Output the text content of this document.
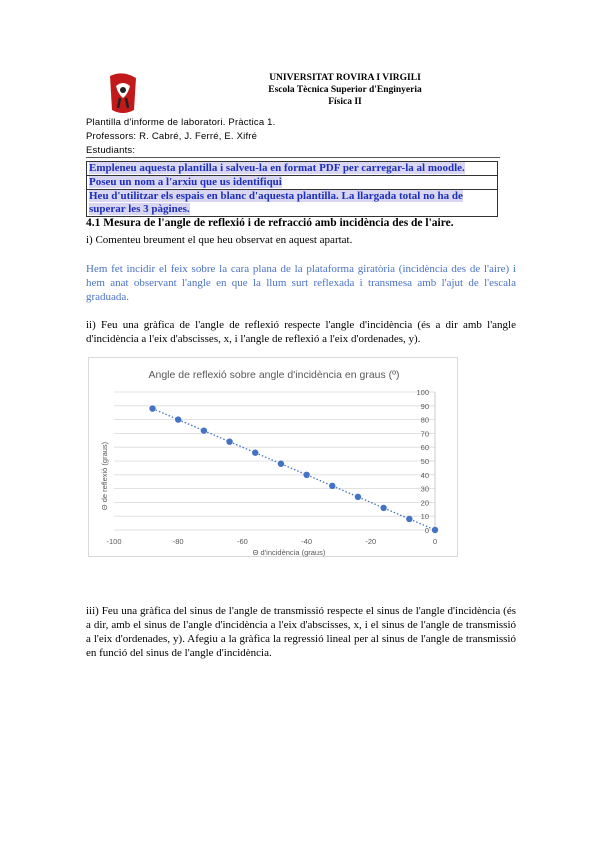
UNIVERSITAT ROVIRA I VIRGILI
Escola Tècnica Superior d'Enginyeria
Física II
Plantilla d'informe de laboratori. Pràctica 1.
Professors: R. Cabré, J. Ferré, E. Xifré
Estudiants:
Empleneu aquesta plantilla i salveu-la en format PDF per carregar-la al moodle.
Poseu un nom a l'arxiu que us identifiqui
Heu d'utilitzar els espais en blanc d'aquesta plantilla. La llargada total no ha de superar les 3 pàgines.
4.1 Mesura de l'angle de reflexió i de refracció amb incidència des de l'aire.
i) Comenteu breument el que heu observat en aquest apartat.
Hem fet incidir el feix sobre la cara plana de la plataforma giratòria (incidència des de l'aire) i hem anat observant l'angle en que la llum surt reflexada i transmesa amb l'ajut de l'escala graduada.
ii) Feu una gràfica de l'angle de reflexió respecte l'angle d'incidència (és a dir amb l'angle d'incidència a l'eix d'abscisses, x, i l'angle de reflexió a l'eix d'ordenades, y).
Angle de reflexió sobre angle d'incidència en graus (º)
Θ d'incidència (graus)
Θ de reflexió (graus)
0
10
20
30
40
50
60
70
80
90
100
-100	-80	-60	-40	-20	0
iii) Feu una gràfica del sinus de l'angle de transmissió respecte el sinus de l'angle d'incidència (és a dir, amb el sinus de l'angle d'incidència a l'eix d'abscisses, x, i el sinus de l'angle de transmissió a l'eix d'ordenades, y). Afegiu a la gràfica la regressió lineal per al sinus de l'angle de transmissió en funció del sinus de l'angle d'incidència.
